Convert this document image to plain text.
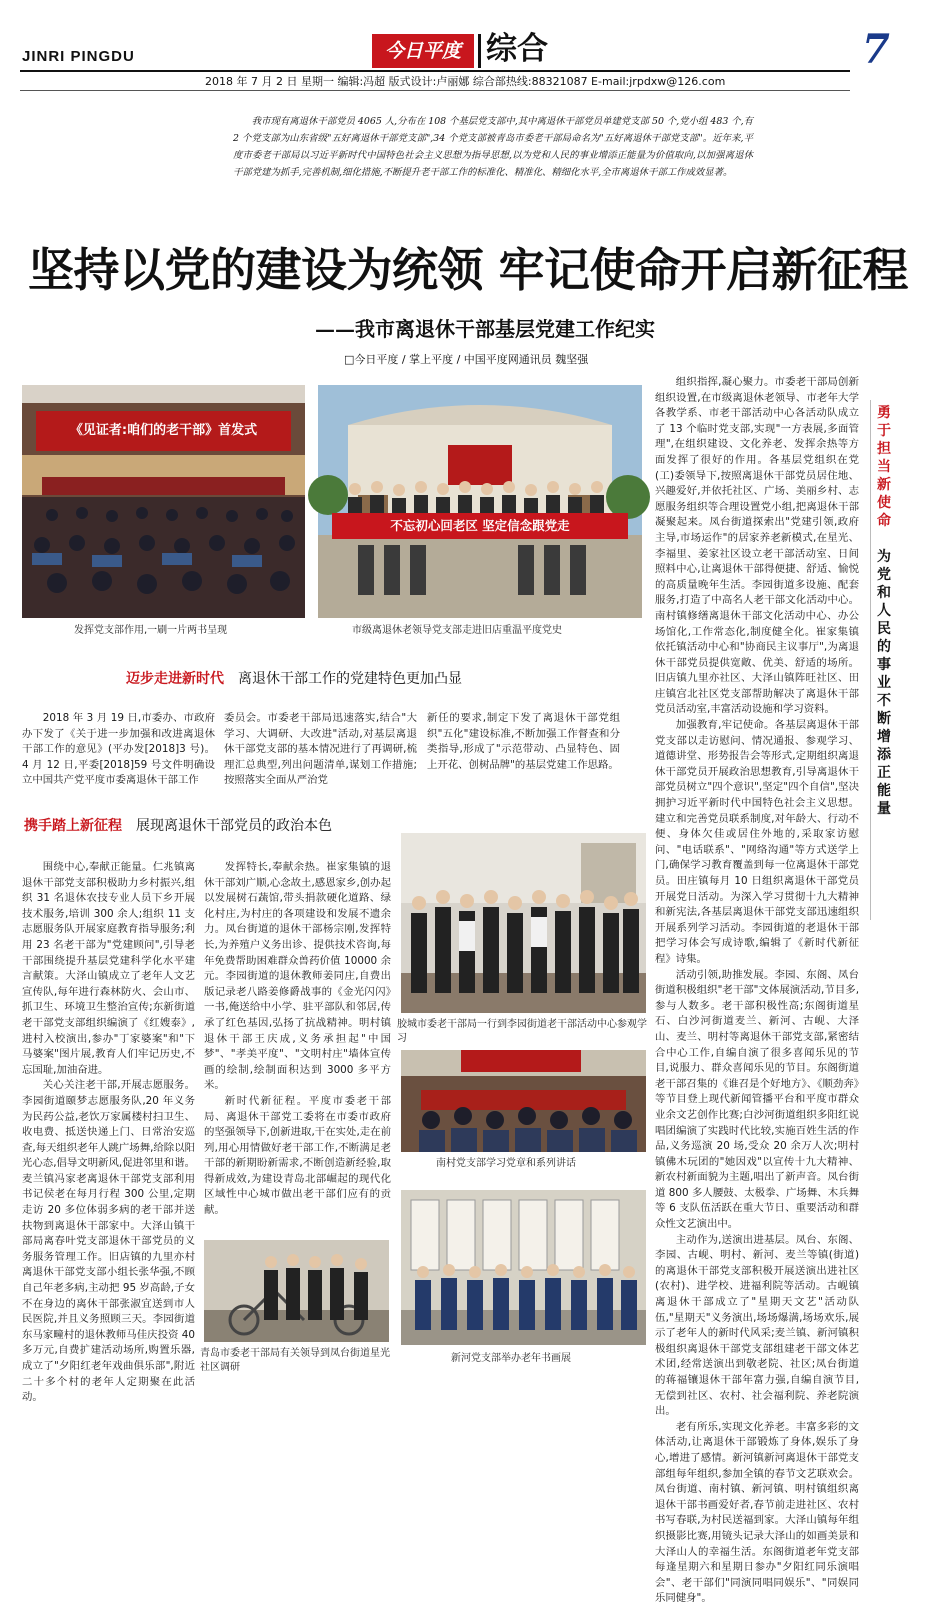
JINRI PINGDU	今日平度 综合	7
2018 年 7 月 2 日 星期一 编辑:冯超 版式设计:卢丽娜 综合部热线:88321087 E-mail:jrpdxw@126.com
我市现有离退休干部党员 4065 人,分布在 108 个基层党支部中,其中离退休干部党员单建党支部 50 个,党小组 483 个,有 2 个党支部为山东省级"五好离退休干部党支部",34 个党支部被青岛市委老干部局命名为"五好离退休干部党支部"。近年来,平度市委老干部局以习近平新时代中国特色社会主义思想为指导思想,以为党和人民的事业增添正能量为价值取向,以加强离退休干部党建为抓手,完善机制,细化措施,不断提升老干部工作的标准化、精准化、精细化水平,全市离退休干部工作成效显著。
坚持以党的建设为统领 牢记使命开启新征程
——我市离退休干部基层党建工作纪实
□今日平度 / 掌上平度 / 中国平度网通讯员 魏坚强
《见证者:咱们的老干部》首发式
发挥党支部作用,一刷一片两书呈现
不忘初心回老区 坚定信念跟党走
市级离退休老领导党支部走进旧店重温平度党史
迈步走进新时代 离退休干部工作的党建特色更加凸显
2018 年 3 月 19 日,市委办、市政府办下发了《关于进一步加强和改进离退休干部工作的意见》(平办发[2018]3 号)。4 月 12 日,平委[2018]59 号文件明确设立中国共产党平度市委离退休干部工作
委员会。市委老干部局迅速落实,结合"大学习、大调研、大改进"活动,对基层离退休干部党支部的基本情况进行了再调研,梳理汇总典型,列出问题清单,谋划工作措施;按照落实全面从严治党
新任的要求,制定下发了离退休干部党组织"五化"建设标准,不断加强工作督查和分类指导,形成了"示范带动、凸显特色、固上开花、创树品牌"的基层党建工作思路。
携手踏上新征程 展现离退休干部党员的政治本色
围绕中心,奉献正能量。仁兆镇离退休干部党支部积极助力乡村振兴,组织 31 名退休农技专业人员下乡开展技术服务,培训 300 余人;组织 11 支志愿服务队开展家庭教育指导服务;利用 23 名老干部为"党建顾问",引导老干部围绕提升基层党建科学化水平建言献策。大泽山镇成立了老年人文艺宣传队,每年进行森林防火、会山市、抓卫生、环境卫生整治宣传;东新街道老干部党支部组织编演了《红嫂泰》,进村入校演出,参办"丁家婆案"和"下马婆案"图片展,教育人们牢记历史,不忘国耻,加油奋进。
关心关注老干部,开展志愿服务。李园街道颐梦志愿服务队,20 年义务为民药公益,老饮万家属楼村扫卫生、收电费、抵送快递上门、日常治安巡查,每天组织老年人跳广场舞,给除以阳光心态,倡导文明新风,促进邻里和谐。麦兰镇冯家老离退休干部党支部利用书记侯老在每月行程 300 公里,定期走访 20 多位体弱多病的老干部并送扶物到离退休干部家中。大泽山镇干部局离春叶党支部退休干部党员的义务服务管理工作。旧店镇的九里亦村离退休干部党支部小组长张华强,不顾自己年老多病,主动把 95 岁高龄,子女不在身边的离休干部张淑宜送到市人民医院,并且义务照顾三天。李园街道东马家疃村的退休教师马佳庆投资 40 多万元,自费扩建活动场所,购置乐器,成立了"夕阳红老年戏曲俱乐部",附近二十多个村的老年人定期聚在此活动。
发挥特长,奉献余热。崔家集镇的退休干部刘广顺,心念故土,感恩家乡,创办起以发展树石蔬馆,带头捐款硬化道路、绿化村庄,为村庄的各项建设和发展不遗余力。凤台街道的退休干部杨宗刚,发挥特长,为养殖户义务出诊、提供技术咨询,每年免费帮助困难群众兽药价值 10000 余元。李园街道的退休教师姜同庄,自费出版记录老八路姜修爵战事的《金光闪闪》一书,俺送给中小学、驻平部队和邻居,传承了红色基因,弘扬了抗战精神。明村镇退休干部王庆成,义务承担起"中国梦"、"孝美平度"、"文明村庄"墙体宣传画的绘制,绘制面积达到 3000 多平方米。
新时代新征程。平度市委老干部局、离退休干部党工委将在市委市政府的坚强领导下,创新进取,干在实处,走在前列,用心用情做好老干部工作,不断满足老干部的新期盼新需求,不断创造新经验,取得新成效,为建设青岛北部崛起的现代化区域性中心城市做出老干部们应有的贡献。
胶城市委老干部局一行到李园街道老干部活动中心参观学习
南村党支部学习党章和系列讲话
青岛市委老干部局有关领导到凤台街道星光社区调研
新河党支部举办老年书画展
组织指挥,凝心聚力。市委老干部局创新组织设置,在市级离退休老领导、市老年大学各教学系、市老干部活动中心各活动队成立了 13 个临时党支部,实现"一方表展,多面管理",在组织建设、文化养老、发挥余热等方面发挥了很好的作用。各基层党组织在党(工)委领导下,按照离退休干部党员居住地、兴趣爱好,并依托社区、广场、美丽乡村、志愿服务组织等合理设置党小组,把离退休干部凝聚起来。凤台街道探索出"党建引领,政府主导,市场运作"的居家养老新模式,在星光、李福里、姜家社区设立老干部活动室、日间照料中心,让离退休干部得便捷、舒适、愉悦的高质量晚年生活。李园街道多设施、配套服务,打造了中高名人老干部文化活动中心。南村镇修缮离退休干部文化活动中心、办公场馆化,工作常态化,制度健全化。崔家集镇依托镇活动中心和"协商民主议事厅",为离退休干部党员提供宽敞、优美、舒适的场所。旧店镇九里亦社区、大泽山镇阵旺社区、田庄镇宫北社区党支部帮助解决了离退休干部党员活动室,丰富活动设施和学习资料。
加强教育,牢记使命。各基层离退休干部党支部以走访慰问、情况通报、参观学习、道德讲堂、形势报告会等形式,定期组织离退休干部党员开展政治思想教育,引导离退休干部党员树立"四个意识",坚定"四个自信",坚决拥护习近平新时代中国特色社会主义思想。建立和完善党员联系制度,对年龄大、行动不便、身体欠佳或居住外地的,采取家访慰问、"电话联系"、"网络沟通"等方式送学上门,确保学习教育覆盖到每一位离退休干部党员。田庄镇每月 10 日组织离退休干部党员开展党日活动。为深入学习贯彻十九大精神和新宪法,各基层离退休干部党支部迅速组织开展系列学习活动。李园街道的老退休干部把学习体会写成诗歌,编辑了《新时代新征程》诗集。
活动引领,助推发展。李园、东阁、凤台街道积极组织"老干部"文体展演活动,节目多,参与人数多。老干部积极性高;东阁街道星石、白沙河街道麦兰、新河、古岘、大泽山、麦兰、明村等离退休干部党支部,紧密结合中心工作,自编自演了很多喜闻乐见的节目,说服力、群众喜闻乐见的节目。东阁街道老干部召集的《谁召是个好地方》、《顺劲奔》等节目登上现代新闻管播平台和平度市群众业余文艺创作比赛;白沙河街道组织多阳红说唱团编演了实践时代比较,实施百姓生活的作品,义务巡演 20 场,受众 20 余万人次;明村镇佛木玩团的"她因戏"以宣传十九大精神、新农村新面貌为主题,唱出了新声音。凤台街道 800 多人腰鼓、太极拳、广场舞、木兵舞等 6 支队伍活跃在重大节日、重要活动和群众性文艺演出中。
主动作为,送演出进基层。凤台、东阁、李园、古岘、明村、新河、麦兰等镇(街道)的离退休干部党支部积极开展送演出进社区(农村)、进学校、进福利院等活动。古岘镇离退休干部成立了"星期天文艺"活动队伍,"星期天"义务演出,场场爆满,场场欢乐,展示了老年人的新时代风采;麦兰镇、新河镇积极组织离退休干部党支部组建老干部文体艺术团,经常送演出到敬老院、社区;凤台街道的蒋福镶退休干部年富力强,自编自演节目,无偿到社区、农村、社会福利院、养老院演出。
老有所乐,实现文化养老。丰富多彩的文体活动,让离退休干部锻炼了身体,娱乐了身心,增进了感情。新河镇新河离退休干部党支部组每年组织,参加全镇的春节文艺联欢会。凤台街道、南村镇、新河镇、明村镇组织离退休干部书画爱好者,春节前走进社区、农村书写春联,为村民送福到家。大泽山镇每年组织摄影比赛,用镜头记录大泽山的如画美景和大泽山人的幸福生活。东阁街道老年党支部每逢星期六和星期日参办"夕阳红同乐演唱会"、老干部们"同演同唱同娱乐"、"同娱同乐同健身"。
勇于担当新使命
为党和人民的事业不断增添正能量
